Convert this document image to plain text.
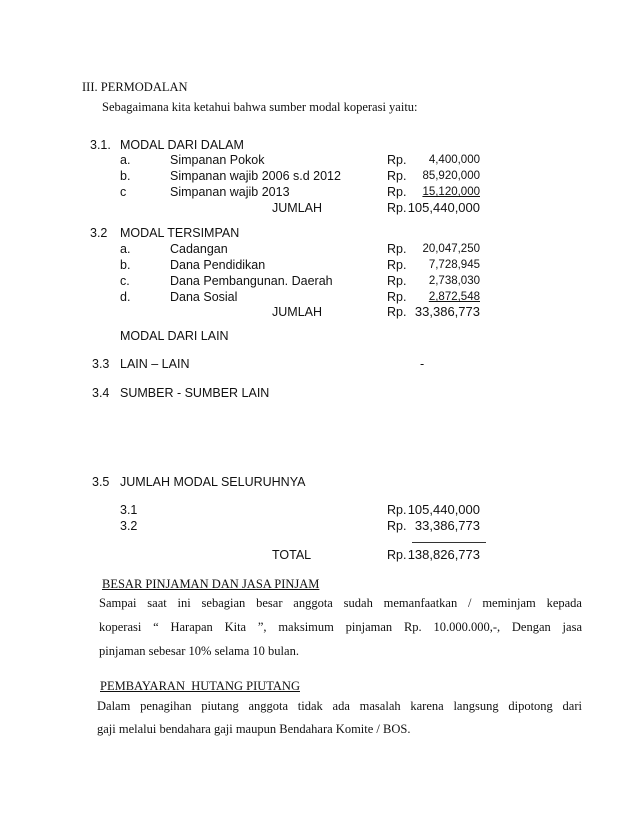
III. PERMODALAN
Sebagaimana kita ketahui bahwa sumber modal koperasi yaitu:
3.1. MODAL DARI DALAM
a.	Simpanan Pokok	Rp.	4,400,000
b.	Simpanan wajib 2006 s.d 2012	Rp.	85,920,000
c	Simpanan wajib 2013	Rp.	15,120,000
JUMLAH	Rp. 105,440,000
3.2 MODAL TERSIMPAN
a.	Cadangan	Rp.	20,047,250
b.	Dana Pendidikan	Rp.	7,728,945
c.	Dana Pembangunan. Daerah	Rp.	2,738,030
d.	Dana Sosial	Rp.	2,872,548
JUMLAH	Rp. 33,386,773
MODAL DARI LAIN
3.3 LAIN – LAIN	-
3.4 SUMBER - SUMBER LAIN
3.5 JUMLAH MODAL SELURUHNYA
3.1	Rp. 105,440,000
3.2	Rp. 33,386,773
TOTAL	Rp. 138,826,773
BESAR PINJAMAN DAN JASA PINJAM
Sampai saat ini sebagian besar anggota sudah memanfaatkan / meminjam kepada
koperasi “ Harapan Kita ”, maksimum pinjaman Rp. 10.000.000,-, Dengan jasa
pinjaman sebesar 10% selama 10 bulan.
PEMBAYARAN  HUTANG PIUTANG
Dalam penagihan piutang anggota tidak ada masalah karena langsung dipotong dari
gaji melalui bendahara gaji maupun Bendahara Komite / BOS.
